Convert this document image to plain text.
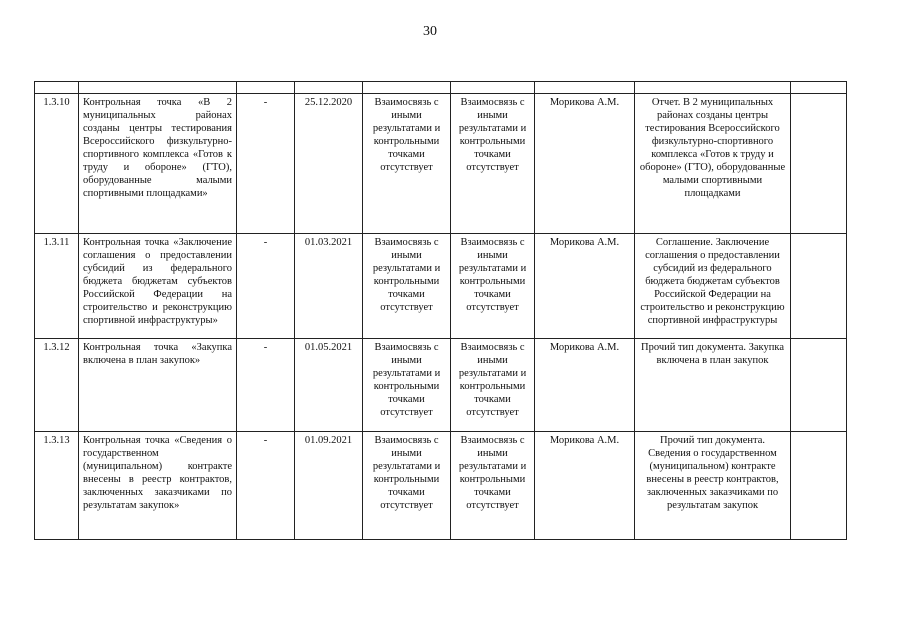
30

1.3.10	Контрольная точка «В 2 муниципальных районах созданы центры тестирования Всероссийского физкультурно-спортивного комплекса «Готов к труду и обороне» (ГТО), оборудованные малыми спортивными площадками»	-	25.12.2020	Взаимосвязь с иными результатами и контрольными точками отсутствует	Взаимосвязь с иными результатами и контрольными точками отсутствует	Морикова А.М.	Отчет. В 2 муниципальных районах созданы центры тестирования Всероссийского физкультурно-спортивного комплекса «Готов к труду и обороне» (ГТО), оборудованные малыми спортивными площадками	
1.3.11	Контрольная точка «Заключение соглашения о предоставлении субсидий из федерального бюджета бюджетам субъектов Российской Федерации на строительство и реконструкцию спортивной инфраструктуры»	-	01.03.2021	Взаимосвязь с иными результатами и контрольными точками отсутствует	Взаимосвязь с иными результатами и контрольными точками отсутствует	Морикова А.М.	Соглашение. Заключение соглашения о предоставлении субсидий из федерального бюджета бюджетам субъектов Российской Федерации на строительство и реконструкцию спортивной инфраструктуры	
1.3.12	Контрольная точка «Закупка включена в план закупок»	-	01.05.2021	Взаимосвязь с иными результатами и контрольными точками отсутствует	Взаимосвязь с иными результатами и контрольными точками отсутствует	Морикова А.М.	Прочий тип документа. Закупка включена в план закупок	
1.3.13	Контрольная точка «Сведения о государственном (муниципальном) контракте внесены в реестр контрактов, заключенных заказчиками по результатам закупок»	-	01.09.2021	Взаимосвязь с иными результатами и контрольными точками отсутствует	Взаимосвязь с иными результатами и контрольными точками отсутствует	Морикова А.М.	Прочий тип документа. Сведения о государственном (муниципальном) контракте внесены в реестр контрактов, заключенных заказчиками по результатам закупок	
